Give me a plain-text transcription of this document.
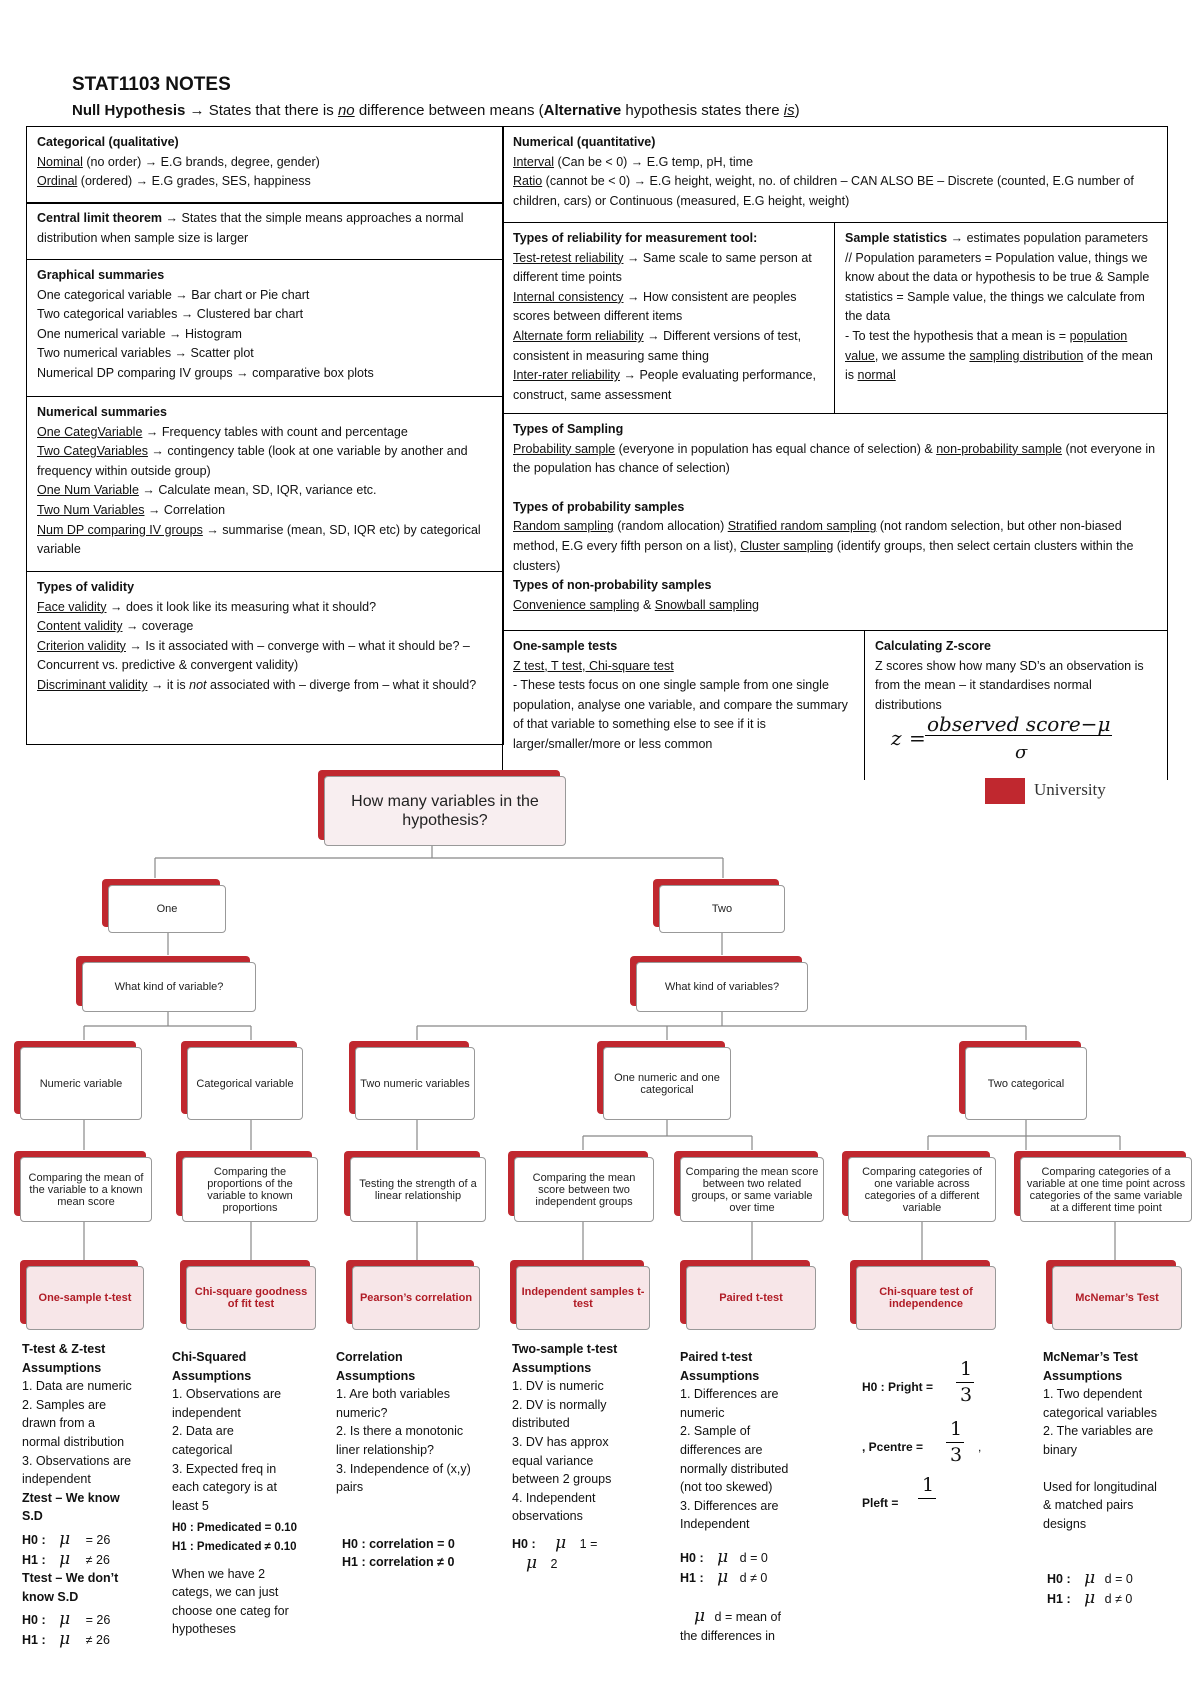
STAT1103 NOTES
Null Hypothesis → States that there is no difference between means (Alternative hypothesis states there is)

Categorical (qualitative)

Nominal (no order) → E.G brands, degree, gender)

Ordinal (ordered) → E.G grades, SES, happiness

Numerical (quantitative)

Interval (Can be < 0) → E.G temp, pH, time

Ratio (cannot be < 0) → E.G height, weight, no. of children – CAN ALSO BE – Discrete (counted, E.G number of children, cars) or Continuous (measured, E.G height, weight)

Central limit theorem → States that the simple means approaches a normal distribution when sample size is larger

Graphical summaries

One categorical variable → Bar chart or Pie chart

Two categorical variables → Clustered bar chart

One numerical variable → Histogram

Two numerical variables → Scatter plot

Numerical DP comparing IV groups → comparative box plots

Numerical summaries

One CategVariable → Frequency tables with count and percentage

Two CategVariables → contingency table (look at one variable by another and frequency within outside group)

One Num Variable → Calculate mean, SD, IQR, variance etc.

Two Num Variables → Correlation

Num DP comparing IV groups → summarise (mean, SD, IQR etc) by categorical variable

Types of validity

Face validity → does it look like its measuring what it should?

Content validity → coverage

Criterion validity → Is it associated with – converge with – what it should be? – Concurrent vs. predictive & convergent validity)

Discriminant validity → it is not associated with – diverge from – what it should?

Types of reliability for measurement tool:

Test-retest reliability → Same scale to same person at different time points

Internal consistency → How consistent are peoples scores between different items

Alternate form reliability → Different versions of test, consistent in measuring same thing

Inter-rater reliability → People evaluating performance, construct, same assessment

Sample statistics → estimates population parameters // Population parameters = Population value, things we know about the data or hypothesis to be true & Sample statistics = Sample value, the things we calculate from the data

- To test the hypothesis that a mean is = population value, we assume the sampling distribution of the mean is normal

Types of Sampling

Probability sample (everyone in population has equal chance of selection) & non-probability sample (not everyone in the population has chance of selection)

Types of probability samples

Random sampling (random allocation) Stratified random sampling (not random selection, but other non-biased method, E.G every fifth person on a list), Cluster sampling (identify groups, then select certain clusters within the clusters)

Types of non-probability samples

Convenience sampling & Snowball sampling

One-sample tests

Z test, T test, Chi-square test

- These tests focus on one single sample from one single population, analyse one variable, and compare the summary of that variable to something else to see if it is larger/smaller/more or less common

Calculating Z-score

Z scores show how many SD’s an observation is from the mean – it standardises normal distributions

z =
observed score−μ
σ
University
How many variables in the hypothesis?
One	Two
What kind of variable?	What kind of variables?
Numeric variable	Categorical variable	Two numeric variables	One numeric and one categorical	Two categorical
Comparing the mean of the variable to a known mean score
Comparing the proportions of the variable to known proportions
Testing the strength of a linear relationship
Comparing the mean score between two independent groups
Comparing the mean score between two related groups, or same variable over time
Comparing categories of one variable across categories of a different variable
Comparing categories of a variable at one time point across categories of the same variable at a different time point
One-sample t-test	Chi-square goodness of fit test	Pearson’s correlation	Independent samples t-test	Paired t-test	Chi-square test of independence	McNemar’s Test

T-test & Z-test

Assumptions

1. Data are numeric

2. Samples are

drawn from a

normal distribution

3. Observations are

independent

Ztest – We know

S.D

H0 : μ = 26

H1 : μ ≠ 26

Ttest – We don’t

know S.D

H0 : μ = 26

H1 : μ ≠ 26

Chi-Squared

Assumptions

1. Observations are

independent

2. Data are

categorical

3. Expected freq in

each category is at

least 5

H0 : Pmedicated = 0.10

H1 : Pmedicated ≠ 0.10

When we have 2

categs, we can just

choose one categ for

hypotheses

Correlation

Assumptions

1. Are both variables

numeric?

2. Is there a monotonic

liner relationship?

3. Independence of (x,y)

pairs

H0 : correlation = 0

H1 : correlation ≠ 0

Two-sample t-test

Assumptions

1. DV is numeric

2. DV is normally

distributed

3. DV has approx

equal variance

between 2 groups

4. Independent

observations

H0 : μ 1 =

μ 2

Paired t-test

Assumptions

1. Differences are

numeric

2. Sample of

differences are

normally distributed

(not too skewed)

3. Differences are

Independent

H0 : μ d = 0

H1 : μ d ≠ 0

μ d = mean of

the differences in

H0 : Pright =
1
3
, Pcentre =
1
3 ,
Pleft =
1

McNemar’s Test

Assumptions

1. Two dependent

categorical variables

2. The variables are

binary

Used for longitudinal

& matched pairs

designs

H0 : μ d = 0

H1 : μ d ≠ 0
